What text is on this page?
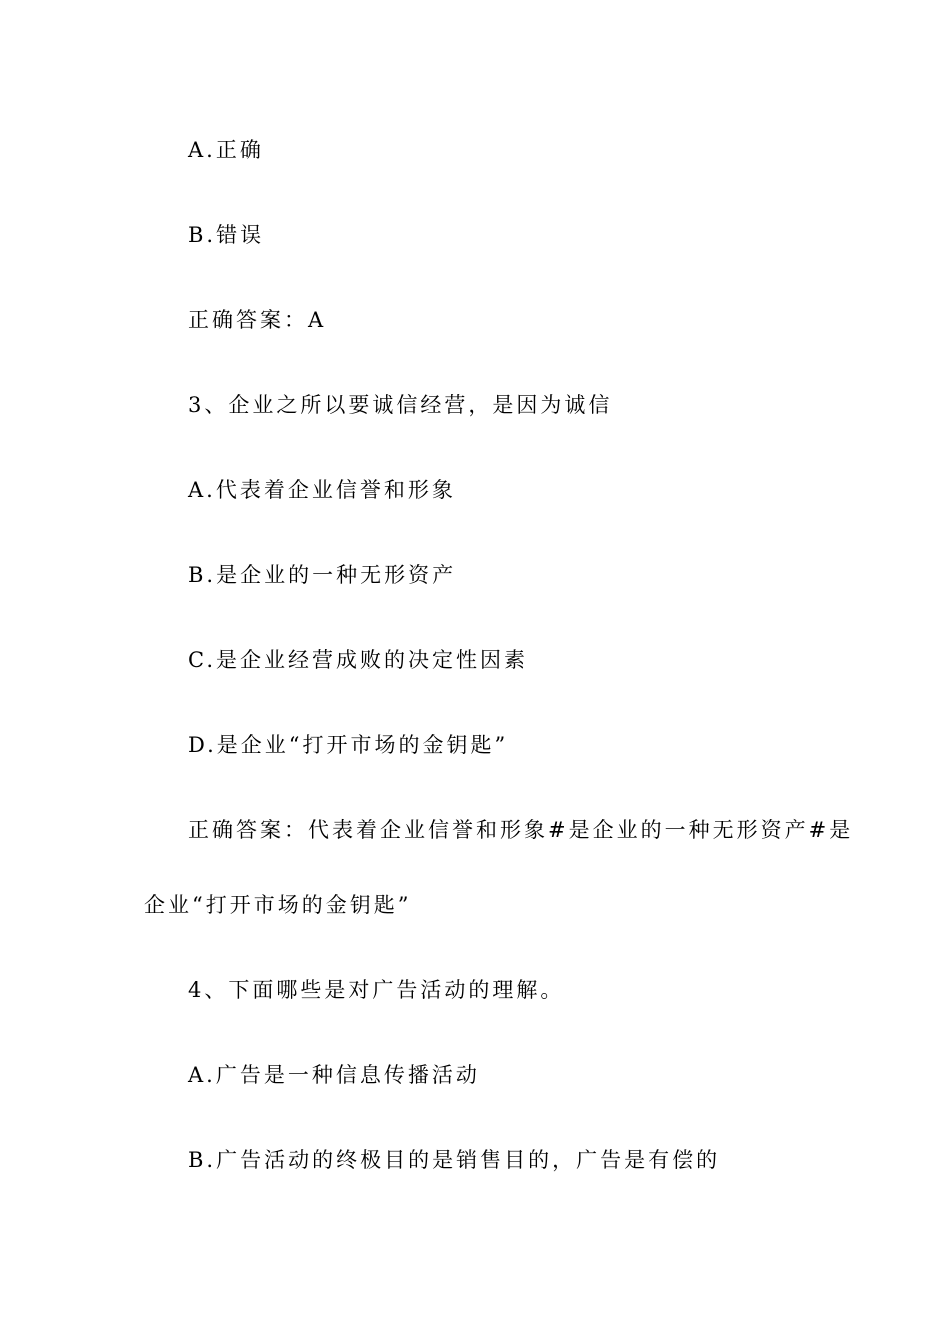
A.正确
B.错误
正确答案：A
3、企业之所以要诚信经营，是因为诚信
A.代表着企业信誉和形象
B.是企业的一种无形资产
C.是企业经营成败的决定性因素
D.是企业“打开市场的金钥匙”
正确答案：代表着企业信誉和形象#是企业的一种无形资产#是
企业“打开市场的金钥匙”
4、下面哪些是对广告活动的理解。
A.广告是一种信息传播活动
B.广告活动的终极目的是销售目的，广告是有偿的
